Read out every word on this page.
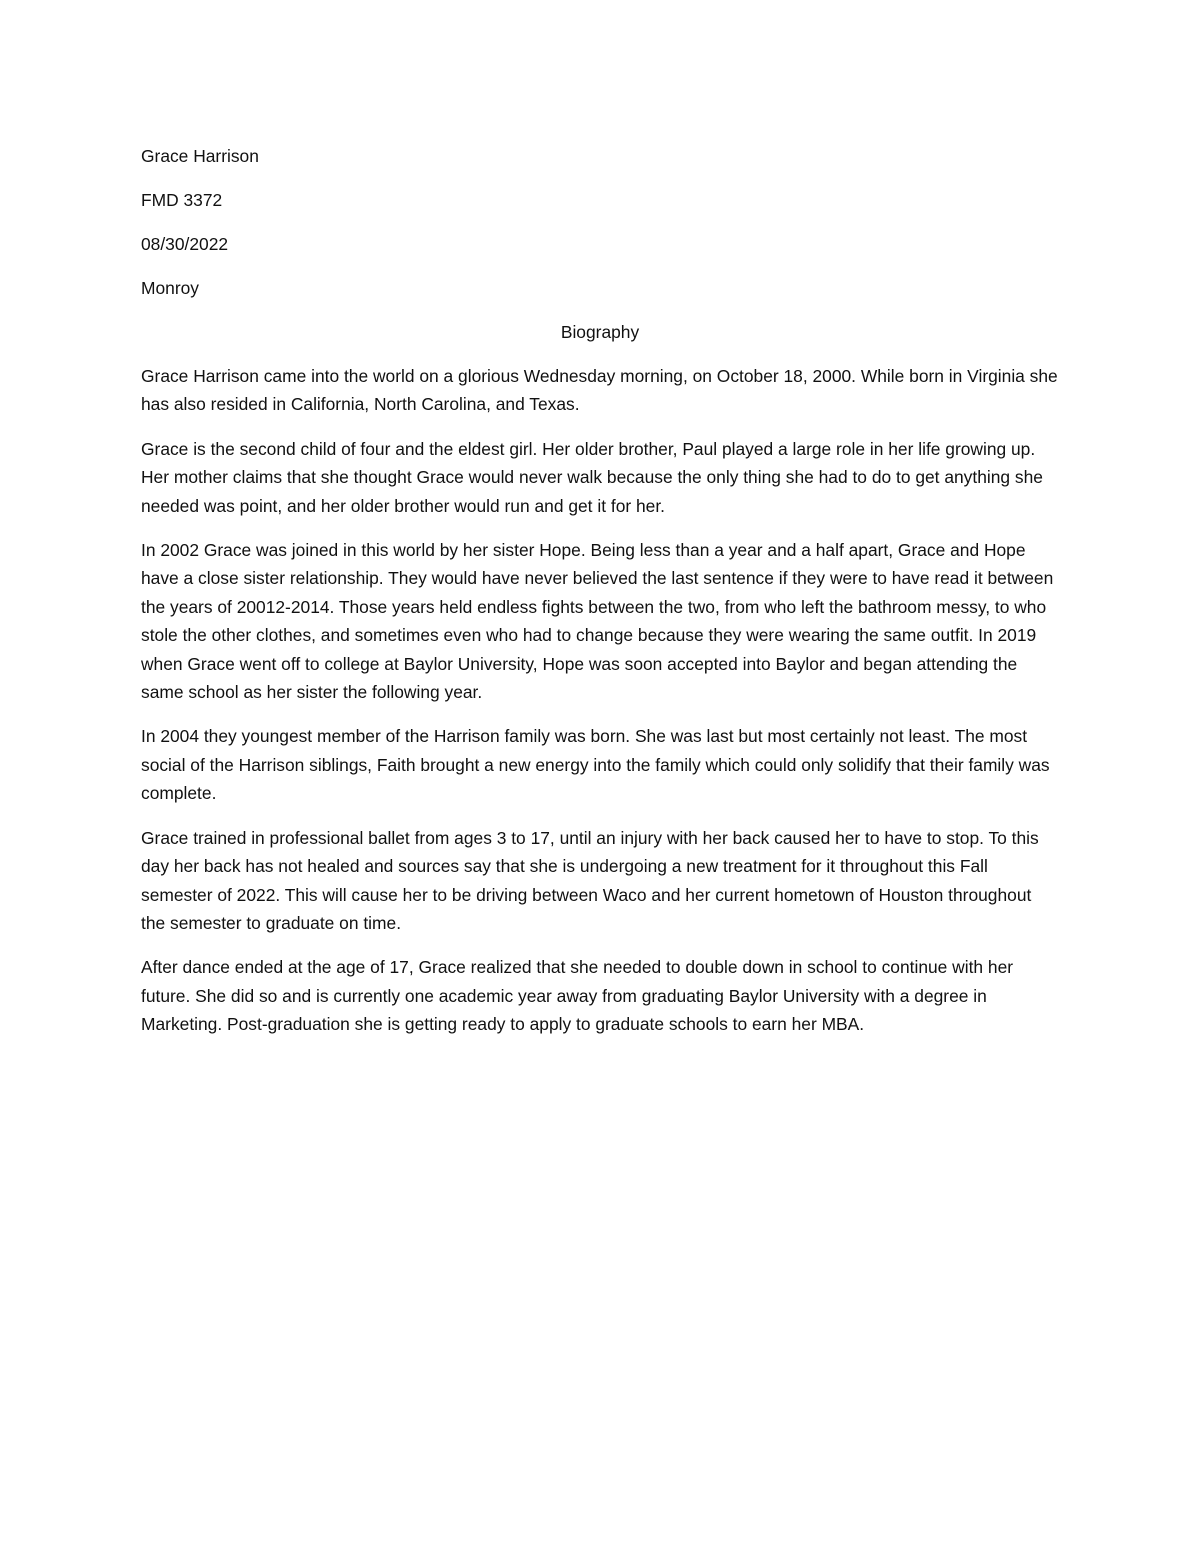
Grace Harrison

FMD 3372

08/30/2022

Monroy

Biography

Grace Harrison came into the world on a glorious Wednesday morning, on October 18, 2000. While born in Virginia she has also resided in California, North Carolina, and Texas.

Grace is the second child of four and the eldest girl. Her older brother, Paul played a large role in her life growing up. Her mother claims that she thought Grace would never walk because the only thing she had to do to get anything she needed was point, and her older brother would run and get it for her.

In 2002 Grace was joined in this world by her sister Hope. Being less than a year and a half apart, Grace and Hope have a close sister relationship. They would have never believed the last sentence if they were to have read it between the years of 20012-2014. Those years held endless fights between the two, from who left the bathroom messy, to who stole the other clothes, and sometimes even who had to change because they were wearing the same outfit. In 2019 when Grace went off to college at Baylor University, Hope was soon accepted into Baylor and began attending the same school as her sister the following year.

In 2004 they youngest member of the Harrison family was born. She was last but most certainly not least. The most social of the Harrison siblings, Faith brought a new energy into the family which could only solidify that their family was complete.

Grace trained in professional ballet from ages 3 to 17, until an injury with her back caused her to have to stop. To this day her back has not healed and sources say that she is undergoing a new treatment for it throughout this Fall semester of 2022. This will cause her to be driving between Waco and her current hometown of Houston throughout the semester to graduate on time.

After dance ended at the age of 17, Grace realized that she needed to double down in school to continue with her future. She did so and is currently one academic year away from graduating Baylor University with a degree in Marketing. Post-graduation she is getting ready to apply to graduate schools to earn her MBA.
